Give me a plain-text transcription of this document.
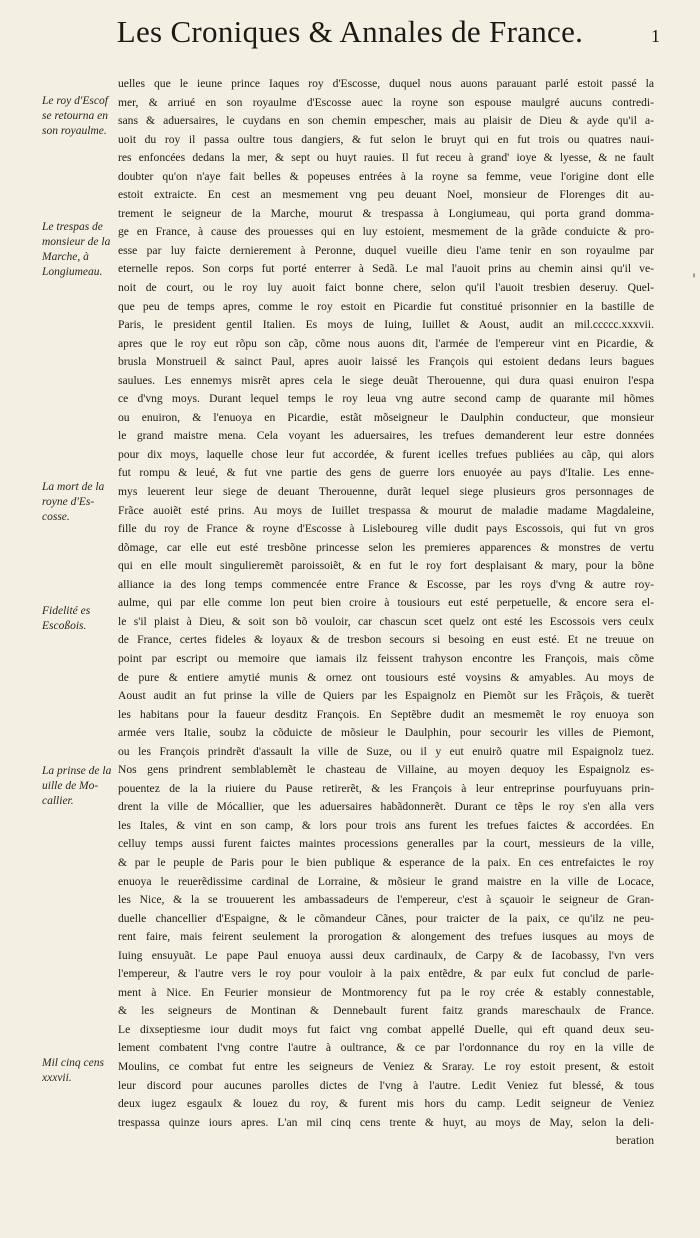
Les Croniques & Annales de France.	1
'
Le roy d'Escof se retourna en son royaulme.
Le trespas de monsieur de la Marche, à Longiumeau.
La mort de la royne d'Es-cosse.
Fidelité es Escoßois.
La prinse de la uille de Mo-callier.
Mil cinq cens xxxvii.
uelles que le ieune prince Iaques roy d'Escosse, duquel nous auons parauant parlé estoit passé la
mer, & arriué en son royaulme d'Escosse auec la royne son espouse maulgré aucuns contredi-
sans & aduersaires, le cuydans en son chemin empescher, mais au plaisir de Dieu & ayde qu'il a-
uoit du roy il passa oultre tous dangiers, & fut selon le bruyt qui en fut trois ou quatres naui-
res enfoncées dedans la mer, & sept ou huyt rauies. Il fut receu à grand' ioye & lyesse, & ne fault
doubter qu'on n'aye fait belles & popeuses entrées à la royne sa femme, veue l'origine dont elle
estoit extraicte. En cest an mesmement vng peu deuant Noel, monsieur de Florenges dit au-
trement le seigneur de la Marche, mourut & trespassa à Longiumeau, qui porta grand domma-
ge en France, à cause des prouesses qui en luy estoient, mesmement de la grãde conduicte & pro-
esse par luy faicte dernierement à Peronne, duquel vueille dieu l'ame tenir en son royaulme par
eternelle repos. Son corps fut porté enterrer à Sedã. Le mal l'auoit prins au chemin ainsi qu'il ve-
noit de court, ou le roy luy auoit faict bonne chere, selon qu'il l'auoit tresbien deseruy. Quel-
que peu de temps apres, comme le roy estoit en Picardie fut constitué prisonnier en la bastille de
Paris, le president gentil Italien. Es moys de Iuing, Iuillet & Aoust, audit an mil.ccccc.xxxvii.
apres que le roy eut rõpu son cãp, cõme nous auons dit, l'armée de l'empereur vint en Picardie, &
brusla Monstrueil & sainct Paul, apres auoir laissé les François qui estoient dedans leurs bagues
saulues. Les ennemys misrẽt apres cela le siege deuãt Therouenne, qui dura quasi enuiron l'espa
ce d'vng moys. Durant lequel temps le roy leua vng autre second camp de quarante mil hõmes
ou enuiron, & l'enuoya en Picardie, estãt mõseigneur le Daulphin conducteur, que monsieur
le grand maistre mena. Cela voyant les aduersaires, les trefues demanderent leur estre données
pour dix moys, laquelle chose leur fut accordée, & furent icelles trefues publiées au cãp, qui alors
fut rompu & leué, & fut vne partie des gens de guerre lors enuoyée au pays d'Italie. Les enne-
mys leuerent leur siege de deuant Therouenne, durãt lequel siege plusieurs gros personnages de
Frãce auoiẽt esté prins. Au moys de Iuillet trespassa & mourut de maladie madame Magdaleine,
fille du roy de France & royne d'Escosse à Lisleboureg ville dudit pays Escossois, qui fut vn gros
dõmage, car elle eut esté tresbõne princesse selon les premieres apparences & monstres de vertu
qui en elle moult singulieremẽt paroissoiẽt, & en fut le roy fort desplaisant & mary, pour la bõne
alliance ia des long temps commencée entre France & Escosse, par les roys d'vng & autre roy-
aulme, qui par elle comme lon peut bien croire à tousiours eut esté perpetuelle, & encore sera el-
le s'il plaist à Dieu, & soit son bõ vouloir, car chascun scet quelz ont esté les Escossois vers ceulx
de France, certes fideles & loyaux & de tresbon secours si besoing en eust esté. Et ne treuue on
point par escript ou memoire que iamais ilz feissent trahyson encontre les François, mais cõme
de pure & entiere amytié munis & ornez ont tousiours esté voysins & amyables. Au moys de
Aoust audit an fut prinse la ville de Quiers par les Espaignolz en Piemõt sur les Frãçois, & tuerẽt
les habitans pour la faueur desditz François. En Septẽbre dudit an mesmemẽt le roy enuoya son
armée vers Italie, soubz la cõduicte de mõsieur le Daulphin, pour secourir les villes de Piemont,
ou les François prindrẽt d'assault la ville de Suze, ou il y eut enuirõ quatre mil Espaignolz tuez.
Nos gens prindrent semblablemẽt le chasteau de Villaine, au moyen dequoy les Espaignolz es-
pouentez de la la riuiere du Pause retirerẽt, & les François à leur entreprinse pourfuyuans prin-
drent la ville de Mócallier, que les aduersaires habãdonnerẽt. Durant ce tẽps le roy s'en alla vers
les Itales, & vint en son camp, & lors pour trois ans furent les trefues faictes & accordées. En
celluy temps aussi furent faictes maintes processions generalles par la court, messieurs de la ville,
& par le peuple de Paris pour le bien publique & esperance de la paix. En ces entrefaictes le roy
enuoya le reuerẽdissime cardinal de Lorraine, & mõsieur le grand maistre en la ville de Locace,
les Nice, & la se trouuerent les ambassadeurs de l'empereur, c'est à sçauoir le seigneur de Gran-
duelle chancellier d'Espaigne, & le cõmandeur Cãnes, pour traicter de la paix, ce qu'ilz ne peu-
rent faire, mais feirent seulement la prorogation & alongement des trefues iusques au moys de
Iuing ensuyuãt. Le pape Paul enuoya aussi deux cardinaulx, de Carpy & de Iacobassy, l'vn vers
l'empereur, & l'autre vers le roy pour vouloir à la paix entẽdre, & par eulx fut conclud de parle-
ment à Nice. En Feurier monsieur de Montmorency fut pa le roy crée & estably connestable,
& les seigneurs de Montinan & Dennebault furent faitz grands mareschaulx de France.
Le dixseptiesme iour dudit moys fut faict vng combat appellé Duelle, qui eft quand deux seu-
lement combatent l'vng contre l'autre à oultrance, & ce par l'ordonnance du roy en la ville de
Moulins, ce combat fut entre les seigneurs de Veniez & Sraray. Le roy estoit present, & estoit
leur discord pour aucunes parolles dictes de l'vng à l'autre. Ledit Veniez fut blessé, & tous
deux iugez esgaulx & louez du roy, & furent mis hors du camp. Ledit seigneur de Veniez
trespassa quinze iours apres. L'an mil cinq cens trente & huyt, au moys de May, selon la deli-
beration
